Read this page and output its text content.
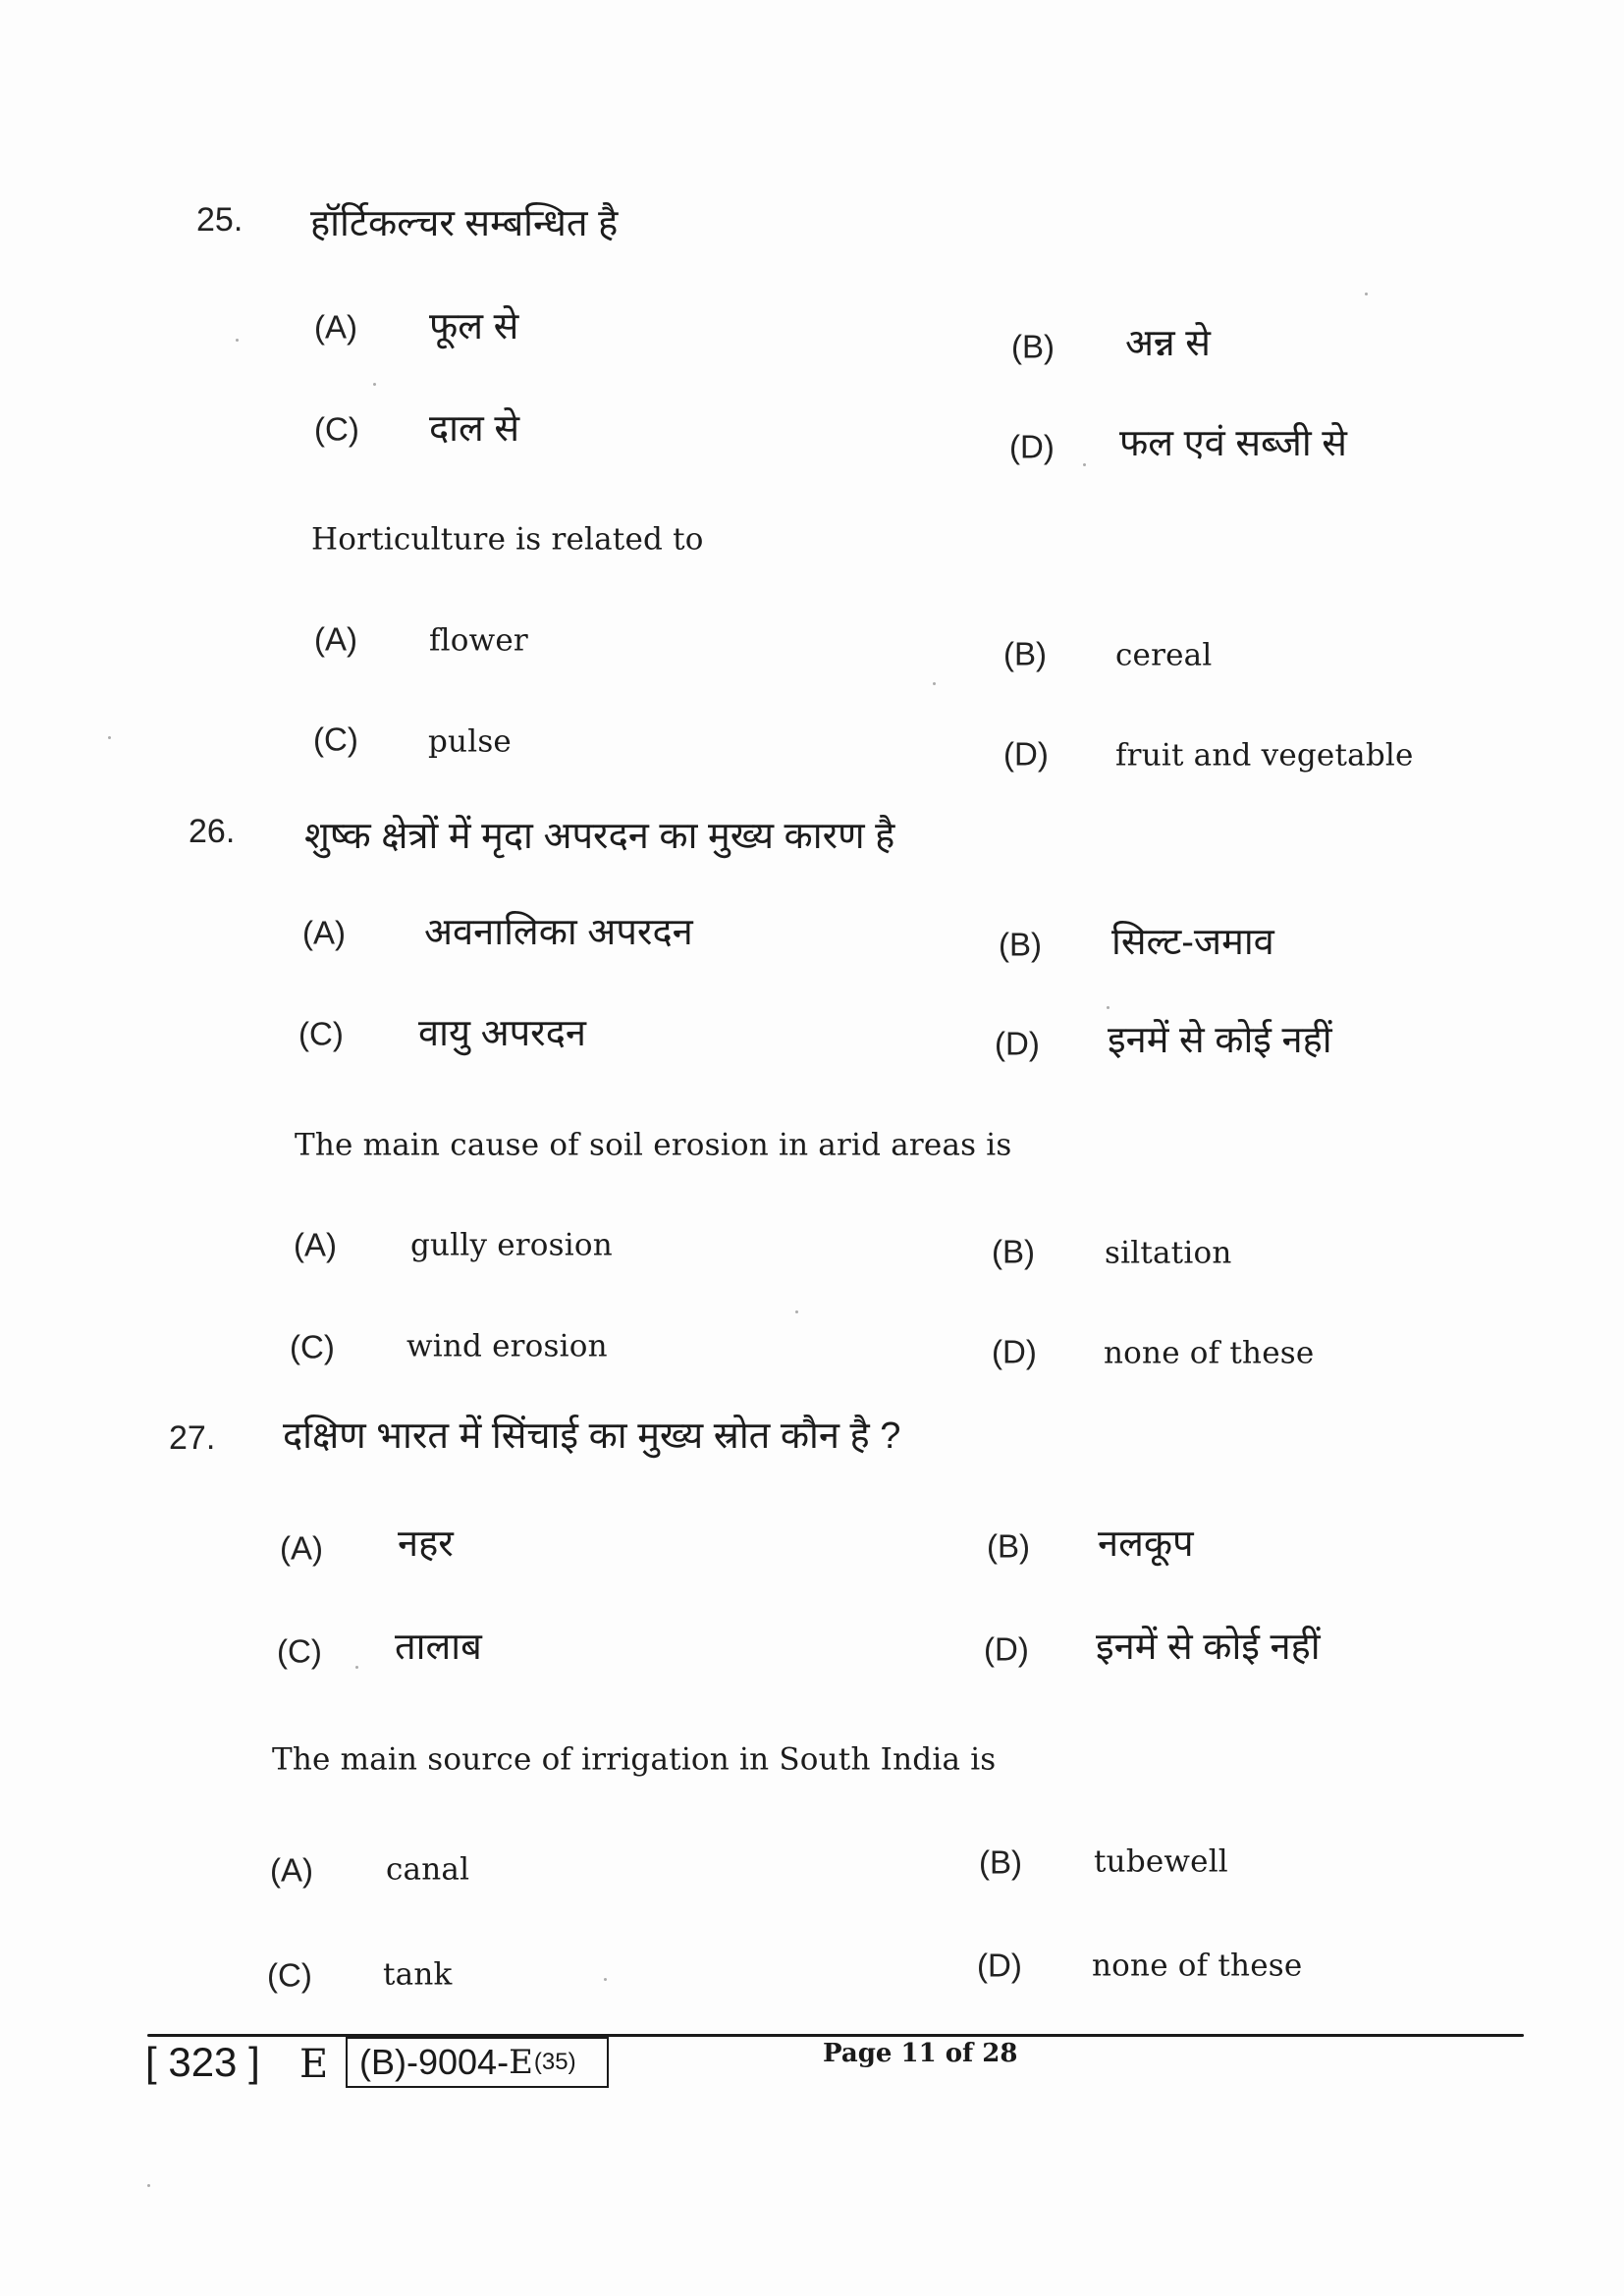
25. हॉर्टिकल्चर सम्बन्धित है
(A) फूल से	(B) अन्न से
(C) दाल से	(D) फल एवं सब्जी से
Horticulture is related to
(A) flower	(B) cereal
(C) pulse	(D) fruit and vegetable
26. शुष्क क्षेत्रों में मृदा अपरदन का मुख्य कारण है
(A) अवनालिका अपरदन	(B) सिल्ट-जमाव
(C) वायु अपरदन	(D) इनमें से कोई नहीं
The main cause of soil erosion in arid areas is
(A) gully erosion	(B) siltation
(C) wind erosion	(D) none of these
27. दक्षिण भारत में सिंचाई का मुख्य स्रोत कौन है ?
(A) नहर	(B) नलकूप
(C) तालाब	(D) इनमें से कोई नहीं
The main source of irrigation in South India is
(A) canal	(B) tubewell
(C) tank	(D) none of these
[ 323 ] E (B)-9004- E (35)	Page 11 of 28
